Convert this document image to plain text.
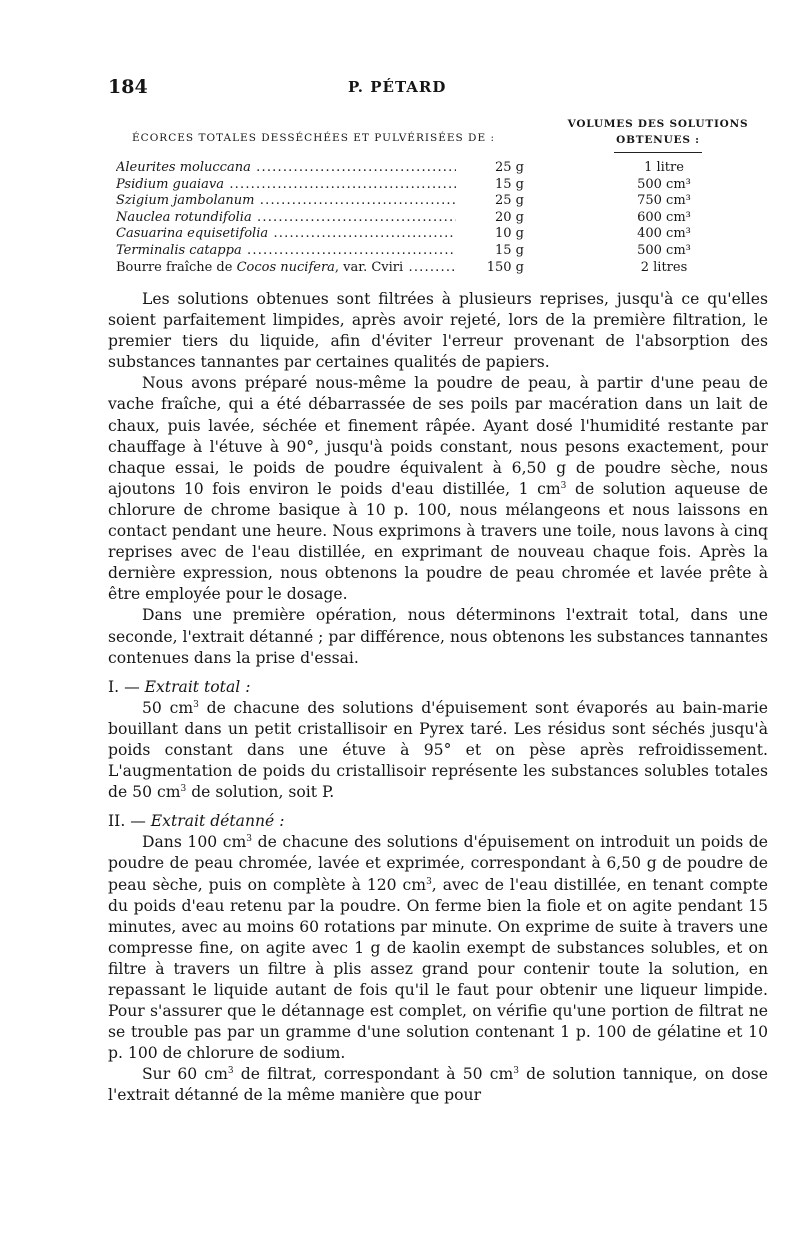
184	P. PÉTARD
ÉCORCES TOTALES DESSÉCHÉES ET PULVÉRISÉES DE :
VOLUMES DES SOLUTIONS
OBTENUES :
Aleurites moluccana .....	25 g	1 litre
Psidium guaiava .....	15 g	500 cm³
Szigium jambolanum .....	25 g	750 cm³
Nauclea rotundifolia .....	20 g	600 cm³
Casuarina equisetifolia .....	10 g	400 cm³
Terminalis catappa .....	15 g	500 cm³
Bourre fraîche de Cocos nucifera, var. Cviri .....	150 g	2 litres

Les solutions obtenues sont filtrées à plusieurs reprises, jusqu'à ce qu'elles soient parfaitement limpides, après avoir rejeté, lors de la première filtration, le premier tiers du liquide, afin d'éviter l'erreur provenant de l'absorption des substances tannantes par certaines qualités de papiers.

Nous avons préparé nous-même la poudre de peau, à partir d'une peau de vache fraîche, qui a été débarrassée de ses poils par macération dans un lait de chaux, puis lavée, séchée et finement râpée. Ayant dosé l'humidité restante par chauffage à l'étuve à 90°, jusqu'à poids constant, nous pesons exactement, pour chaque essai, le poids de poudre équivalent à 6,50 g de poudre sèche, nous ajoutons 10 fois environ le poids d'eau distillée, 1 $cm^3$ de solution aqueuse de chlorure de chrome basique à 10 p. 100, nous mélangeons et nous laissons en contact pendant une heure. Nous exprimons à travers une toile, nous lavons à cinq reprises avec de l'eau distillée, en exprimant de nouveau chaque fois. Après la dernière expression, nous obtenons la poudre de peau chromée et lavée prête à être employée pour le dosage.

Dans une première opération, nous déterminons l'extrait total, dans une seconde, l'extrait détanné ; par différence, nous obtenons les substances tannantes contenues dans la prise d'essai.

I. — Extrait total :

50 $cm^3$ de chacune des solutions d'épuisement sont évaporés au bain-marie bouillant dans un petit cristallisoir en Pyrex taré. Les résidus sont séchés jusqu'à poids constant dans une étuve à 95° et on pèse après refroidissement. L'augmentation de poids du cristallisoir représente les substances solubles totales de 50 $cm^3$ de solution, soit P.

II. — Extrait détanné :

Dans 100 $cm^3$ de chacune des solutions d'épuisement on introduit un poids de poudre de peau chromée, lavée et exprimée, correspondant à 6,50 g de poudre de peau sèche, puis on complète à 120 $cm^3$, avec de l'eau distillée, en tenant compte du poids d'eau retenu par la poudre. On ferme bien la fiole et on agite pendant 15 minutes, avec au moins 60 rotations par minute. On exprime de suite à travers une compresse fine, on agite avec 1 g de kaolin exempt de substances solubles, et on filtre à travers un filtre à plis assez grand pour contenir toute la solution, en repassant le liquide autant de fois qu'il le faut pour obtenir une liqueur limpide. Pour s'assurer que le détannage est complet, on vérifie qu'une portion de filtrat ne se trouble pas par un gramme d'une solution contenant 1 p. 100 de gélatine et 10 p. 100 de chlorure de sodium.

Sur 60 $cm^3$ de filtrat, correspondant à 50 $cm^3$ de solution tannique, on dose l'extrait détanné de la même manière que pour
